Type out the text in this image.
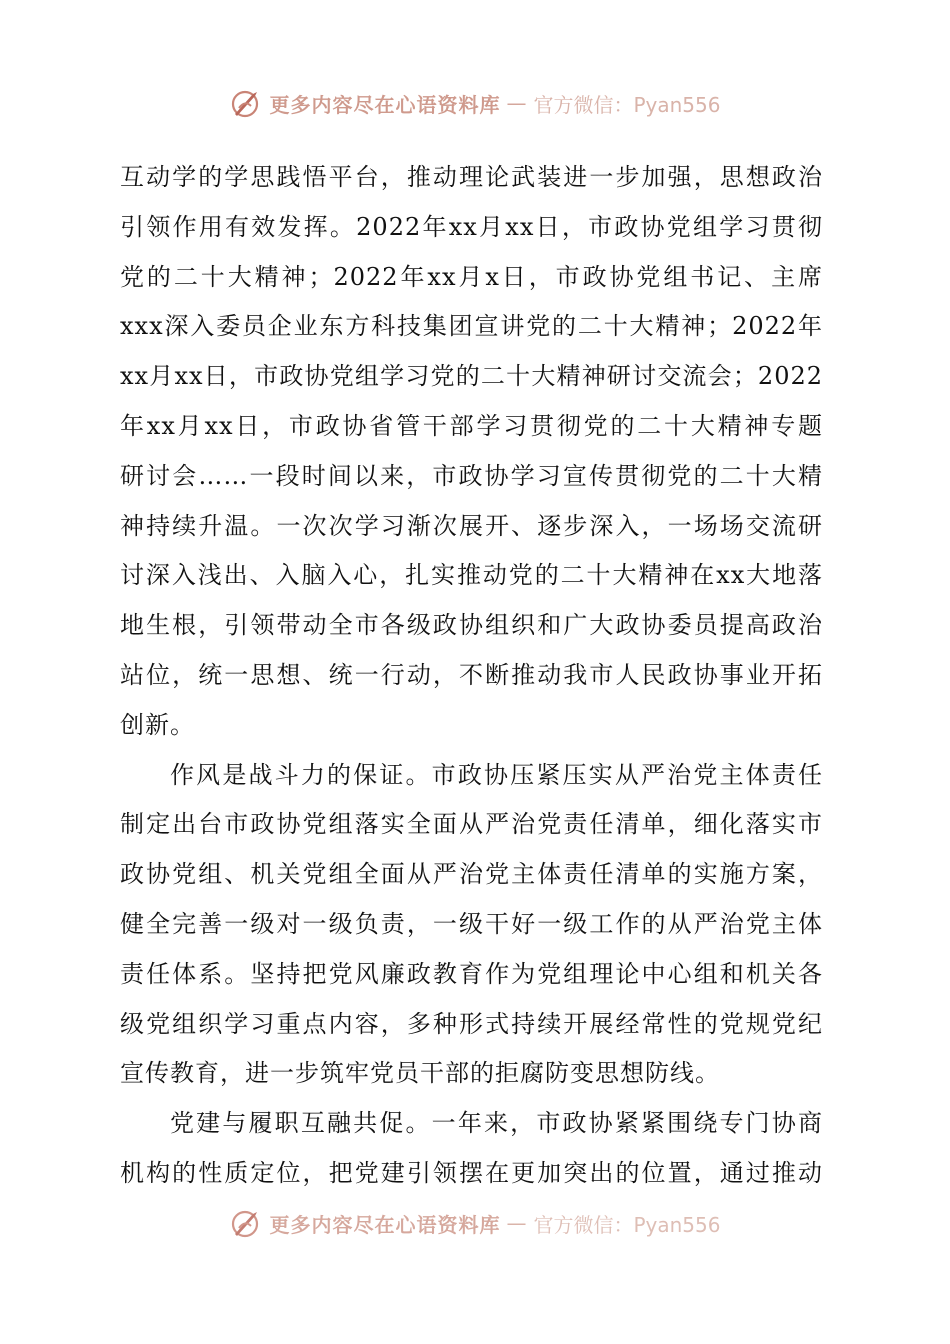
更多内容尽在心语资料库 — 官方微信：Pyan556

互动学的学思践悟平台，推动理论武装进一步加强，思想政治

引领作用有效发挥。2022年xx月xx日，市政协党组学习贯彻

党的二十大精神；2022年xx月x日，市政协党组书记、主席

xxx深入委员企业东方科技集团宣讲党的二十大精神；2022年

xx月xx日，市政协党组学习党的二十大精神研讨交流会；2022

年xx月xx日，市政协省管干部学习贯彻党的二十大精神专题

研讨会……一段时间以来，市政协学习宣传贯彻党的二十大精

神持续升温。一次次学习渐次展开、逐步深入，一场场交流研

讨深入浅出、入脑入心，扎实推动党的二十大精神在xx大地落

地生根，引领带动全市各级政协组织和广大政协委员提高政治

站位，统一思想、统一行动，不断推动我市人民政协事业开拓

创新。

作风是战斗力的保证。市政协压紧压实从严治党主体责任

制定出台市政协党组落实全面从严治党责任清单，细化落实市

政协党组、机关党组全面从严治党主体责任清单的实施方案，

健全完善一级对一级负责，一级干好一级工作的从严治党主体

责任体系。坚持把党风廉政教育作为党组理论中心组和机关各

级党组织学习重点内容，多种形式持续开展经常性的党规党纪

宣传教育，进一步筑牢党员干部的拒腐防变思想防线。

党建与履职互融共促。一年来，市政协紧紧围绕专门协商

机构的性质定位，把党建引领摆在更加突出的位置，通过推动

更多内容尽在心语资料库 — 官方微信：Pyan556
